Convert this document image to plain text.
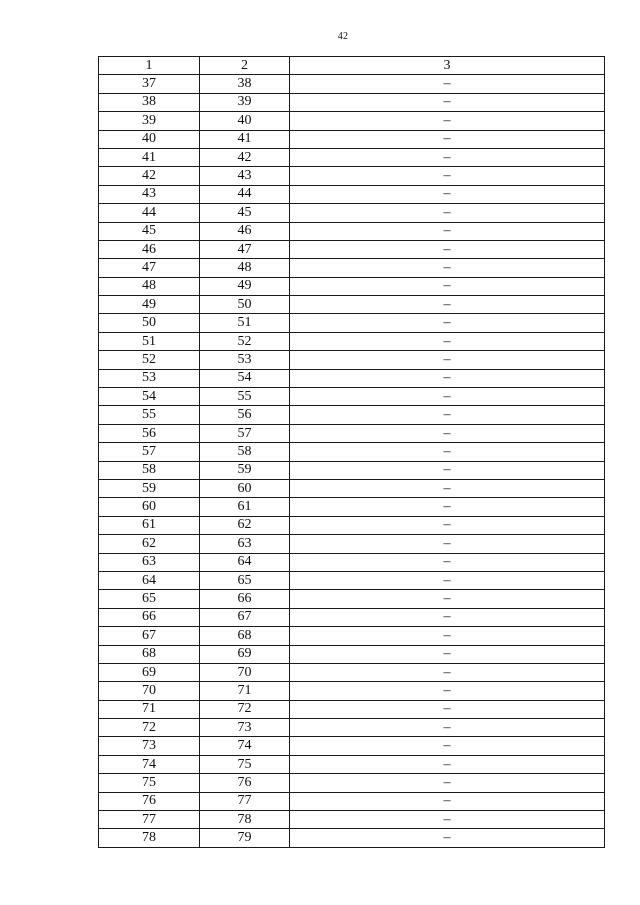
42
1	2	3
37	38	–
38	39	–
39	40	–
40	41	–
41	42	–
42	43	–
43	44	–
44	45	–
45	46	–
46	47	–
47	48	–
48	49	–
49	50	–
50	51	–
51	52	–
52	53	–
53	54	–
54	55	–
55	56	–
56	57	–
57	58	–
58	59	–
59	60	–
60	61	–
61	62	–
62	63	–
63	64	–
64	65	–
65	66	–
66	67	–
67	68	–
68	69	–
69	70	–
70	71	–
71	72	–
72	73	–
73	74	–
74	75	–
75	76	–
76	77	–
77	78	–
78	79	–
